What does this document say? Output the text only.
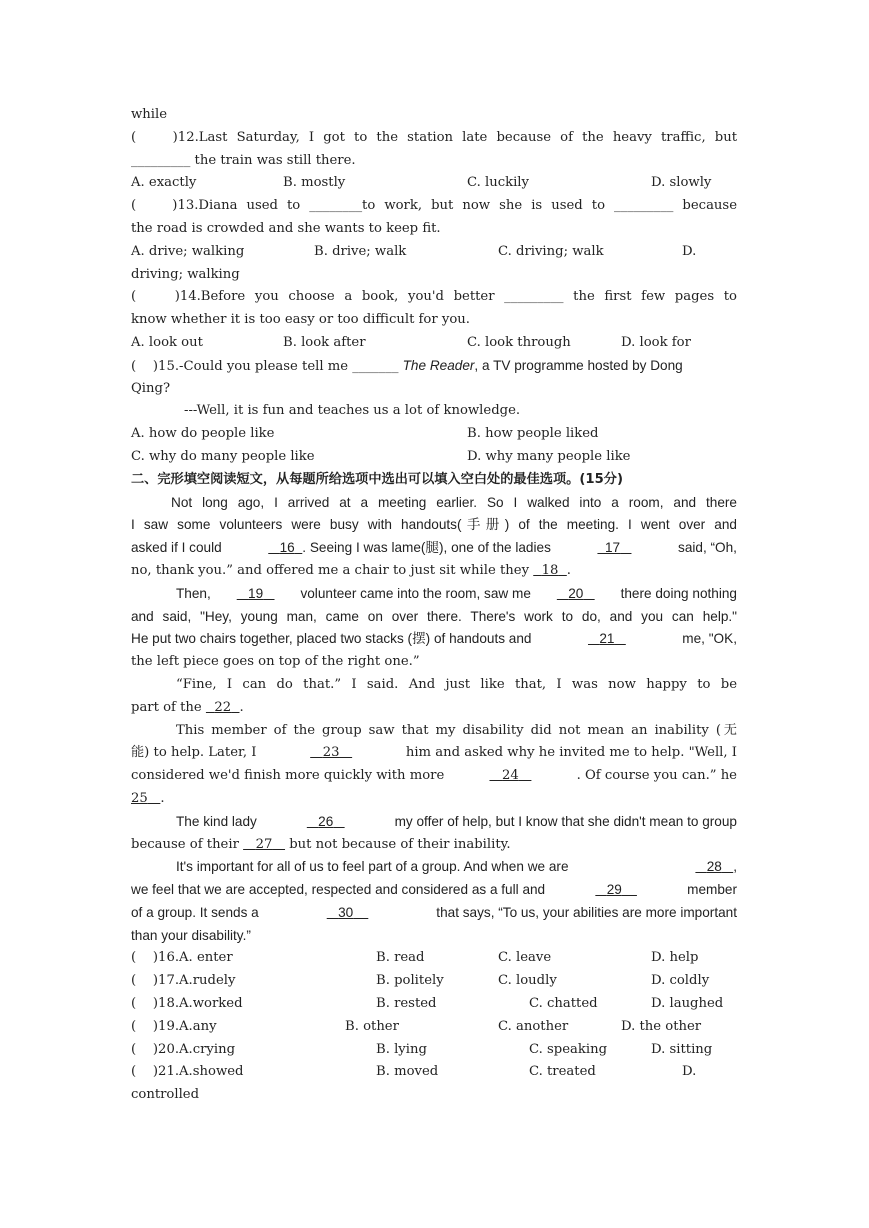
while
(    )12.Last Saturday, I got to the station late because of the heavy traffic, but
_________ the train was still there.
A. exactly	B. mostly	C. luckily	D. slowly
(    )13.Diana used to ________to work, but now she is used to _________ because
the road is crowded and she wants to keep fit.
A. drive; walking	B. drive; walk	C. driving; walk	D.
driving; walking
(    )14.Before you choose a book, you'd better _________ the first few pages to
know whether it is too easy or too difficult for you.
A. look out	B. look after	C. look through	D. look for
(    )15.-Could you please tell me _______ The Reader, a TV programme hosted by Dong
Qing?
---Well, it is fun and teaches us a lot of knowledge.
A. how do people like	B. how people liked
C. why do many people like	D. why many people like
二、完形填空阅读短文，从每题所给选项中选出可以填入空白处的最佳选项。(15分)
Not long ago, I arrived at a meeting earlier. So I walked into a room, and there
I saw some volunteers were busy with handouts(手册) of the meeting. I went over and
asked if I could	16 . Seeing I was lame(腿), one of the ladies	17	said, “Oh,
no, thank you.” and offered me a chair to just sit while they 18 .
Then,	19	volunteer came into the room, saw me	20	there doing nothing
and said, "Hey, young man, came on over there. There's work to do, and you can help."
He put two chairs together, placed two stacks (摆) of handouts and	21	me, "OK,
the left piece goes on top of the right one.”
“Fine, I can do that.” I said. And just like that, I was now happy to be
part of the 22 .
This member of the group saw that my disability did not mean an inability (无
能) to help. Later, I	23	him and asked why he invited me to help. "Well, I
considered we'd finish more quickly with more	24	. Of course you can.” he
25 .
The kind lady	26	my offer of help, but I know that she didn't mean to group
because of their 27 but not because of their inability.
It's important for all of us to feel part of a group. And when we are	28 ,
we feel that we are accepted, respected and considered as a full and	29	member
of a group. It sends a	30	that says, “To us, your abilities are more important
than your disability.”
(    )16.A. enter	B. read	C. leave	D. help
(    )17.A.rudely	B. politely	C. loudly	D. coldly
(    )18.A.worked	B. rested	C. chatted	D. laughed
(    )19.A.any	B. other	C. another	D. the other
(    )20.A.crying	B. lying	C. speaking	D. sitting
(    )21.A.showed	B. moved	C. treated	D.
controlled
